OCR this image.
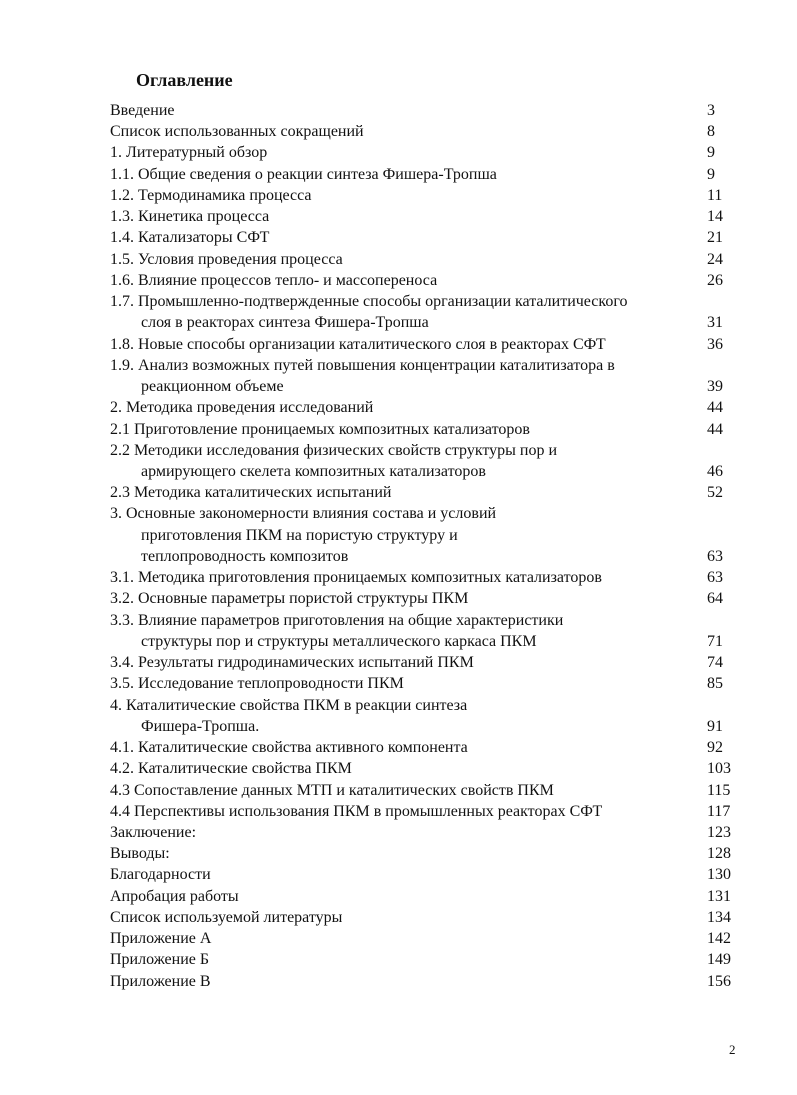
Оглавление
Введение	3
Список использованных сокращений	8
1. Литературный обзор	9
1.1. Общие сведения о реакции синтеза Фишера-Тропша	9
1.2. Термодинамика процесса	11
1.3. Кинетика процесса	14
1.4. Катализаторы СФТ	21
1.5. Условия проведения процесса	24
1.6. Влияние процессов тепло- и массопереноса	26
1.7. Промышленно-подтвержденные способы организации каталитического
слоя в реакторах синтеза Фишера-Тропша	31
1.8. Новые способы организации каталитического слоя в реакторах СФТ	36
1.9. Анализ возможных путей повышения концентрации каталитизатора в
реакционном объеме	39
2. Методика проведения исследований	44
2.1 Приготовление проницаемых композитных катализаторов	44
2.2 Методики исследования физических свойств структуры пор и
армирующего скелета композитных катализаторов	46
2.3 Методика каталитических испытаний	52
3. Основные закономерности влияния состава и условий
приготовления ПКМ на пористую структуру и
теплопроводность композитов	63
3.1. Методика приготовления проницаемых композитных катализаторов	63
3.2. Основные параметры пористой структуры ПКМ	64
3.3. Влияние параметров приготовления на общие характеристики
структуры пор и структуры металлического каркаса ПКМ	71
3.4. Результаты гидродинамических испытаний ПКМ	74
3.5. Исследование теплопроводности ПКМ	85
4. Каталитические свойства ПКМ в реакции синтеза
Фишера-Тропша.	91
4.1. Каталитические свойства активного компонента	92
4.2. Каталитические свойства ПКМ	103
4.3 Сопоставление данных МТП и каталитических свойств ПКМ	115
4.4 Перспективы использования ПКМ в промышленных реакторах СФТ	117
Заключение:	123
Выводы:	128
Благодарности	130
Апробация работы	131
Список используемой литературы	134
Приложение А	142
Приложение Б	149
Приложение В	156
2
